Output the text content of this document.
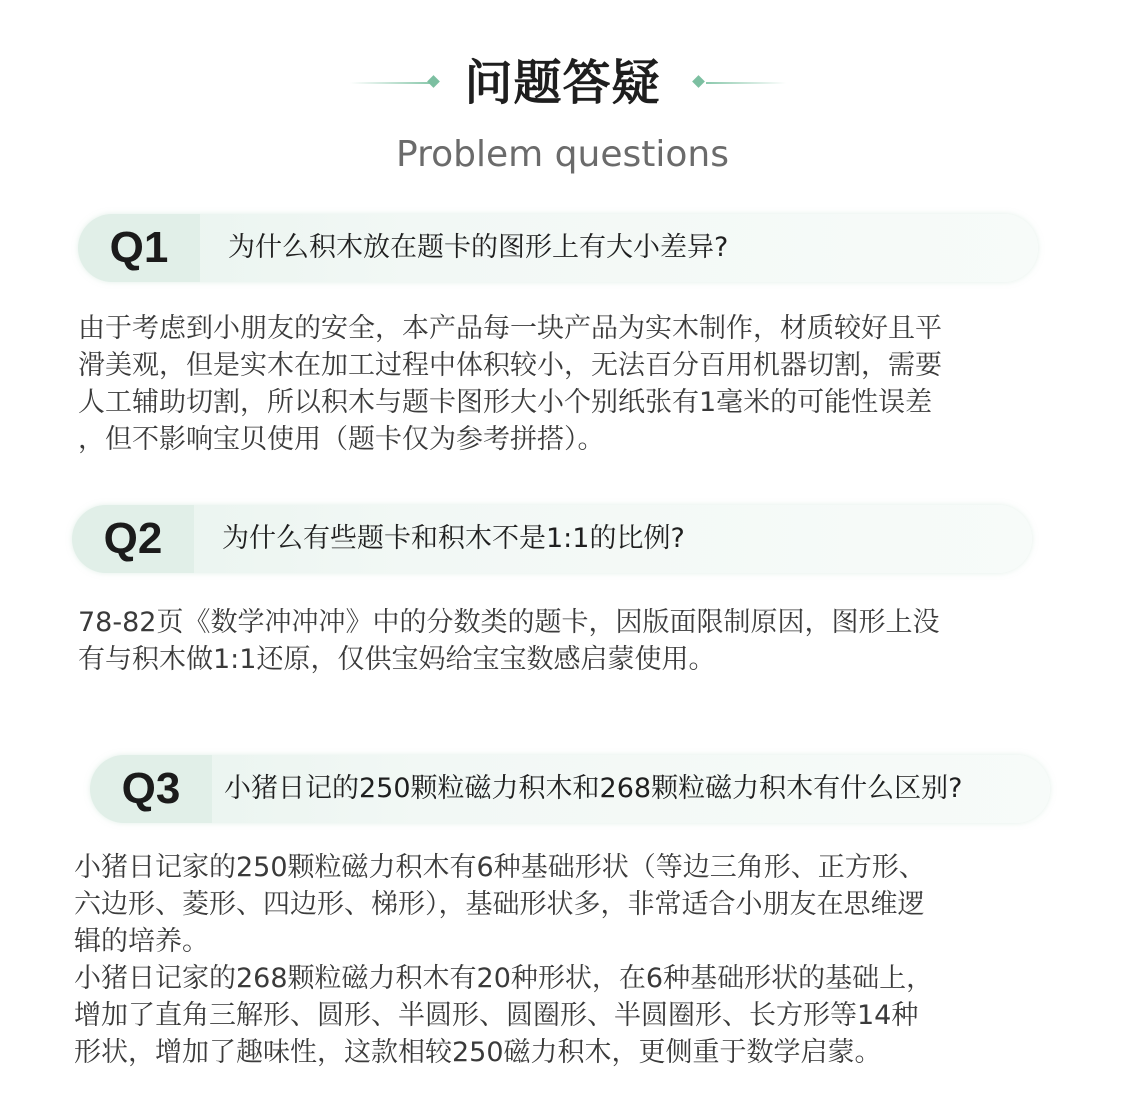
问题答疑
Problem questions
Q1	为什么积木放在题卡的图形上有大小差异?
由于考虑到小朋友的安全，本产品每一块产品为实木制作，材质较好且平
滑美观，但是实木在加工过程中体积较小，无法百分百用机器切割，需要
人工辅助切割，所以积木与题卡图形大小个别纸张有1毫米的可能性误差
，但不影响宝贝使用（题卡仅为参考拼搭）。
Q2	为什么有些题卡和积木不是1:1的比例?
78-82页《数学冲冲冲》中的分数类的题卡，因版面限制原因，图形上没
有与积木做1:1还原，仅供宝妈给宝宝数感启蒙使用。
Q3	小猪日记的250颗粒磁力积木和268颗粒磁力积木有什么区别?
小猪日记家的250颗粒磁力积木有6种基础形状（等边三角形、正方形、
六边形、菱形、四边形、梯形），基础形状多，非常适合小朋友在思维逻
辑的培养。
小猪日记家的268颗粒磁力积木有20种形状，在6种基础形状的基础上，
增加了直角三解形、圆形、半圆形、圆圈形、半圆圈形、长方形等14种
形状，增加了趣味性，这款相较250磁力积木，更侧重于数学启蒙。
